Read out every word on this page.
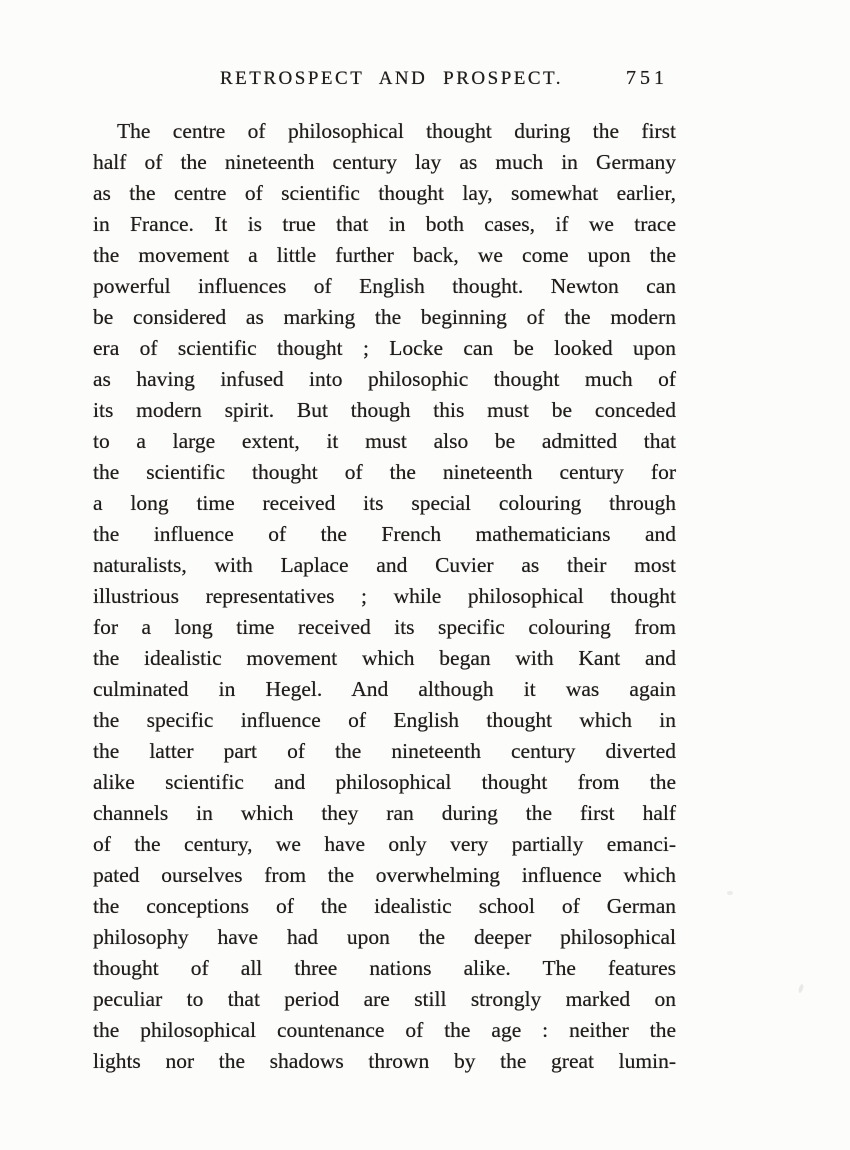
RETROSPECT AND PROSPECT.	751
The centre of philosophical thought during the first
half of the nineteenth century lay as much in Germany
as the centre of scientific thought lay, somewhat earlier,
in France. It is true that in both cases, if we trace
the movement a little further back, we come upon the
powerful influences of English thought. Newton can
be considered as marking the beginning of the modern
era of scientific thought ; Locke can be looked upon
as having infused into philosophic thought much of
its modern spirit. But though this must be conceded
to a large extent, it must also be admitted that
the scientific thought of the nineteenth century for
a long time received its special colouring through
the influence of the French mathematicians and
naturalists, with Laplace and Cuvier as their most
illustrious representatives ; while philosophical thought
for a long time received its specific colouring from
the idealistic movement which began with Kant and
culminated in Hegel. And although it was again
the specific influence of English thought which in
the latter part of the nineteenth century diverted
alike scientific and philosophical thought from the
channels in which they ran during the first half
of the century, we have only very partially emanci-
pated ourselves from the overwhelming influence which
the conceptions of the idealistic school of German
philosophy have had upon the deeper philosophical
thought of all three nations alike. The features
peculiar to that period are still strongly marked on
the philosophical countenance of the age : neither the
lights nor the shadows thrown by the great lumin-
